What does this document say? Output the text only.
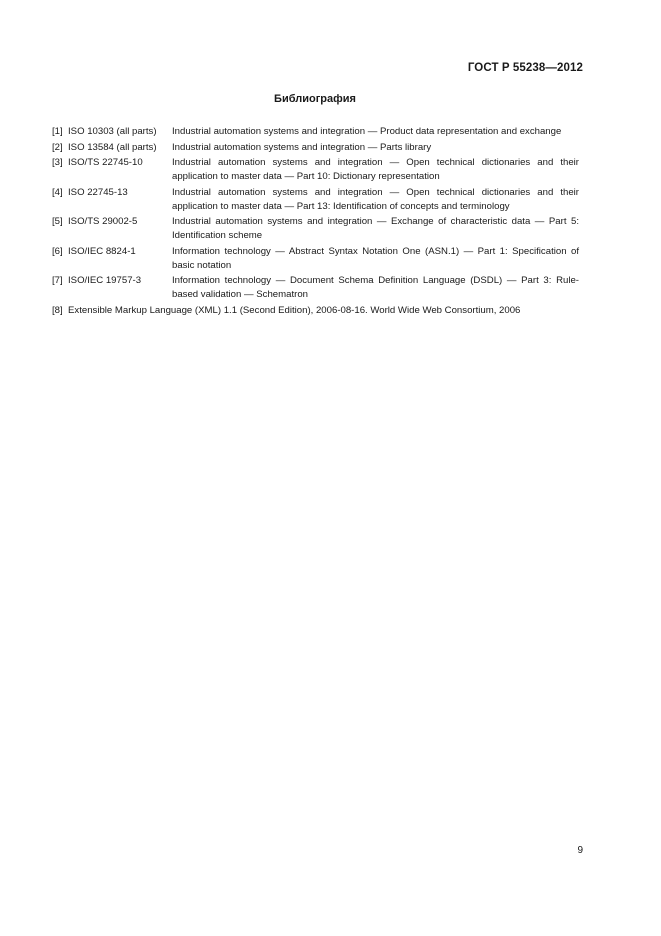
ГОСТ Р 55238—2012
Библиография
[1] ISO 10303 (all parts)	Industrial automation systems and integration — Product data representation and exchange
[2] ISO 13584 (all parts)	Industrial automation systems and integration — Parts library
[3] ISO/TS 22745-10	Industrial automation systems and integration — Open technical dictionaries and their application to master data — Part 10: Dictionary representation
[4] ISO 22745-13	Industrial automation systems and integration — Open technical dictionaries and their application to master data — Part 13: Identification of concepts and terminology
[5] ISO/TS 29002-5	Industrial automation systems and integration — Exchange of characteristic data — Part 5: Identification scheme
[6] ISO/IEC 8824-1	Information technology — Abstract Syntax Notation One (ASN.1) — Part 1: Specification of basic notation
[7] ISO/IEC 19757-3	Information technology — Document Schema Definition Language (DSDL) — Part 3: Rule-based validation — Schematron
[8] Extensible Markup Language (XML) 1.1 (Second Edition), 2006-08-16. World Wide Web Consortium, 2006
9
